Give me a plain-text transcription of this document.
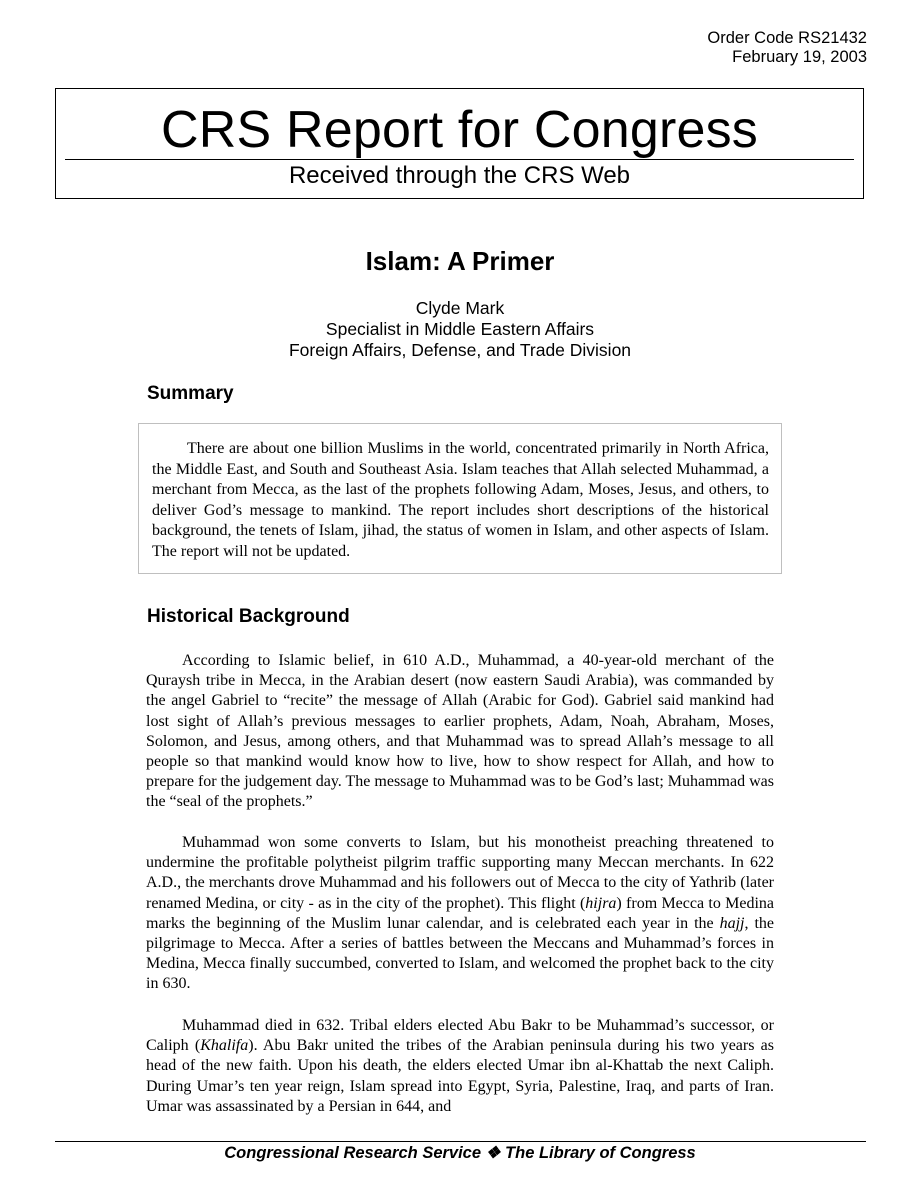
Order Code RS21432
February 19, 2003
CRS Report for Congress
Received through the CRS Web
Islam: A Primer
Clyde Mark
Specialist in Middle Eastern Affairs
Foreign Affairs, Defense, and Trade Division
Summary

There are about one billion Muslims in the world, concentrated primarily in North Africa, the Middle East, and South and Southeast Asia. Islam teaches that Allah selected Muhammad, a merchant from Mecca, as the last of the prophets following Adam, Moses, Jesus, and others, to deliver God’s message to mankind. The report includes short descriptions of the historical background, the tenets of Islam, jihad, the status of women in Islam, and other aspects of Islam. The report will not be updated.

Historical Background

According to Islamic belief, in 610 A.D., Muhammad, a 40-year-old merchant of the Quraysh tribe in Mecca, in the Arabian desert (now eastern Saudi Arabia), was commanded by the angel Gabriel to “recite” the message of Allah (Arabic for God). Gabriel said mankind had lost sight of Allah’s previous messages to earlier prophets, Adam, Noah, Abraham, Moses, Solomon, and Jesus, among others, and that Muhammad was to spread Allah’s message to all people so that mankind would know how to live, how to show respect for Allah, and how to prepare for the judgement day. The message to Muhammad was to be God’s last; Muhammad was the “seal of the prophets.”

Muhammad won some converts to Islam, but his monotheist preaching threatened to undermine the profitable polytheist pilgrim traffic supporting many Meccan merchants. In 622 A.D., the merchants drove Muhammad and his followers out of Mecca to the city of Yathrib (later renamed Medina, or city - as in the city of the prophet). This flight (hijra) from Mecca to Medina marks the beginning of the Muslim lunar calendar, and is celebrated each year in the hajj, the pilgrimage to Mecca. After a series of battles between the Meccans and Muhammad’s forces in Medina, Mecca finally succumbed, converted to Islam, and welcomed the prophet back to the city in 630.

Muhammad died in 632. Tribal elders elected Abu Bakr to be Muhammad’s successor, or Caliph (Khalifa). Abu Bakr united the tribes of the Arabian peninsula during his two years as head of the new faith. Upon his death, the elders elected Umar ibn al-Khattab the next Caliph. During Umar’s ten year reign, Islam spread into Egypt, Syria, Palestine, Iraq, and parts of Iran. Umar was assassinated by a Persian in 644, and

Congressional Research Service ❖ The Library of Congress
